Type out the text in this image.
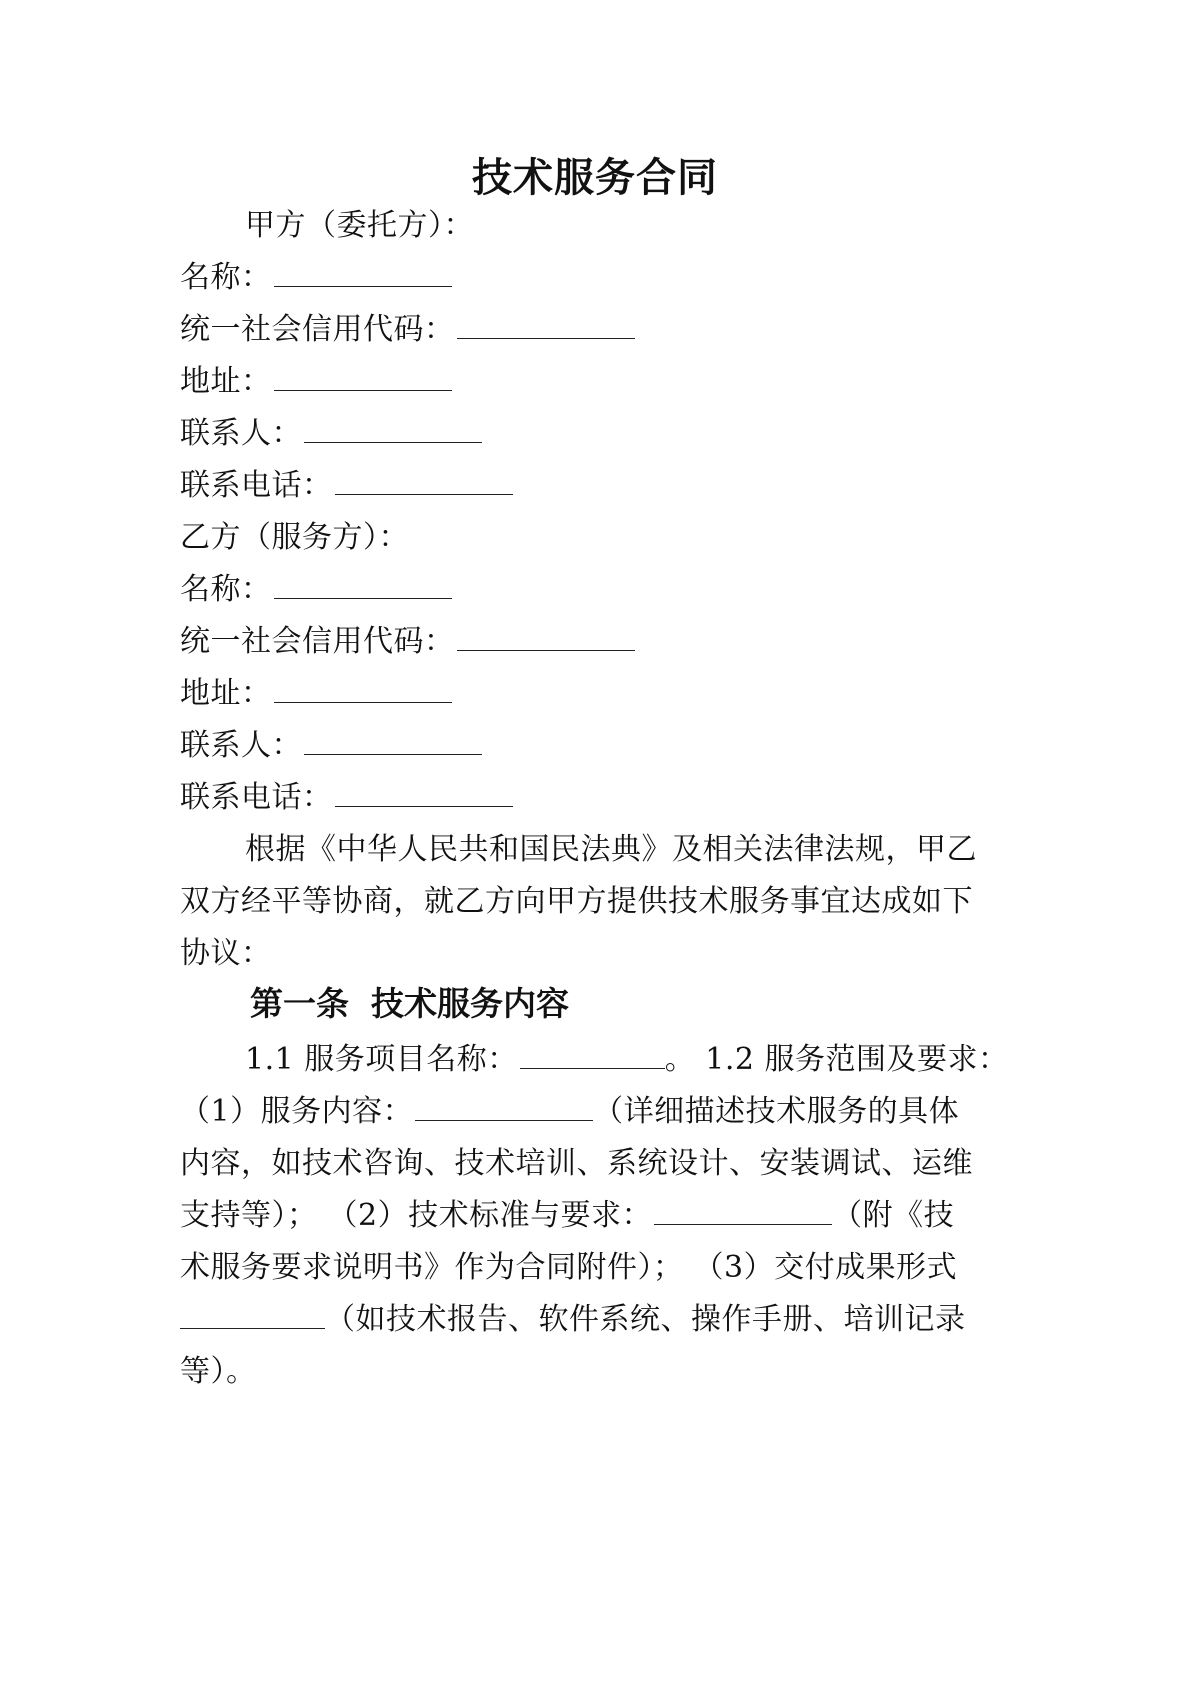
技术服务合同
甲方（委托方）：
名称：
统一社会信用代码：
地址：
联系人：
联系电话：
乙方（服务方）：
名称：
统一社会信用代码：
地址：
联系人：
联系电话：
根据《中华人民共和国民法典》及相关法律法规，甲乙
双方经平等协商，就乙方向甲方提供技术服务事宜达成如下
协议：
第一条 技术服务内容
1.1 服务项目名称：	。 1.2 服务范围及要求：
（1）服务内容：	（详细描述技术服务的具体
内容，如技术咨询、技术培训、系统设计、安装调试、运维
支持等）； （2）技术标准与要求：	（附《技
术服务要求说明书》作为合同附件）； （3）交付成果形式
（如技术报告、软件系统、操作手册、培训记录
等）。
